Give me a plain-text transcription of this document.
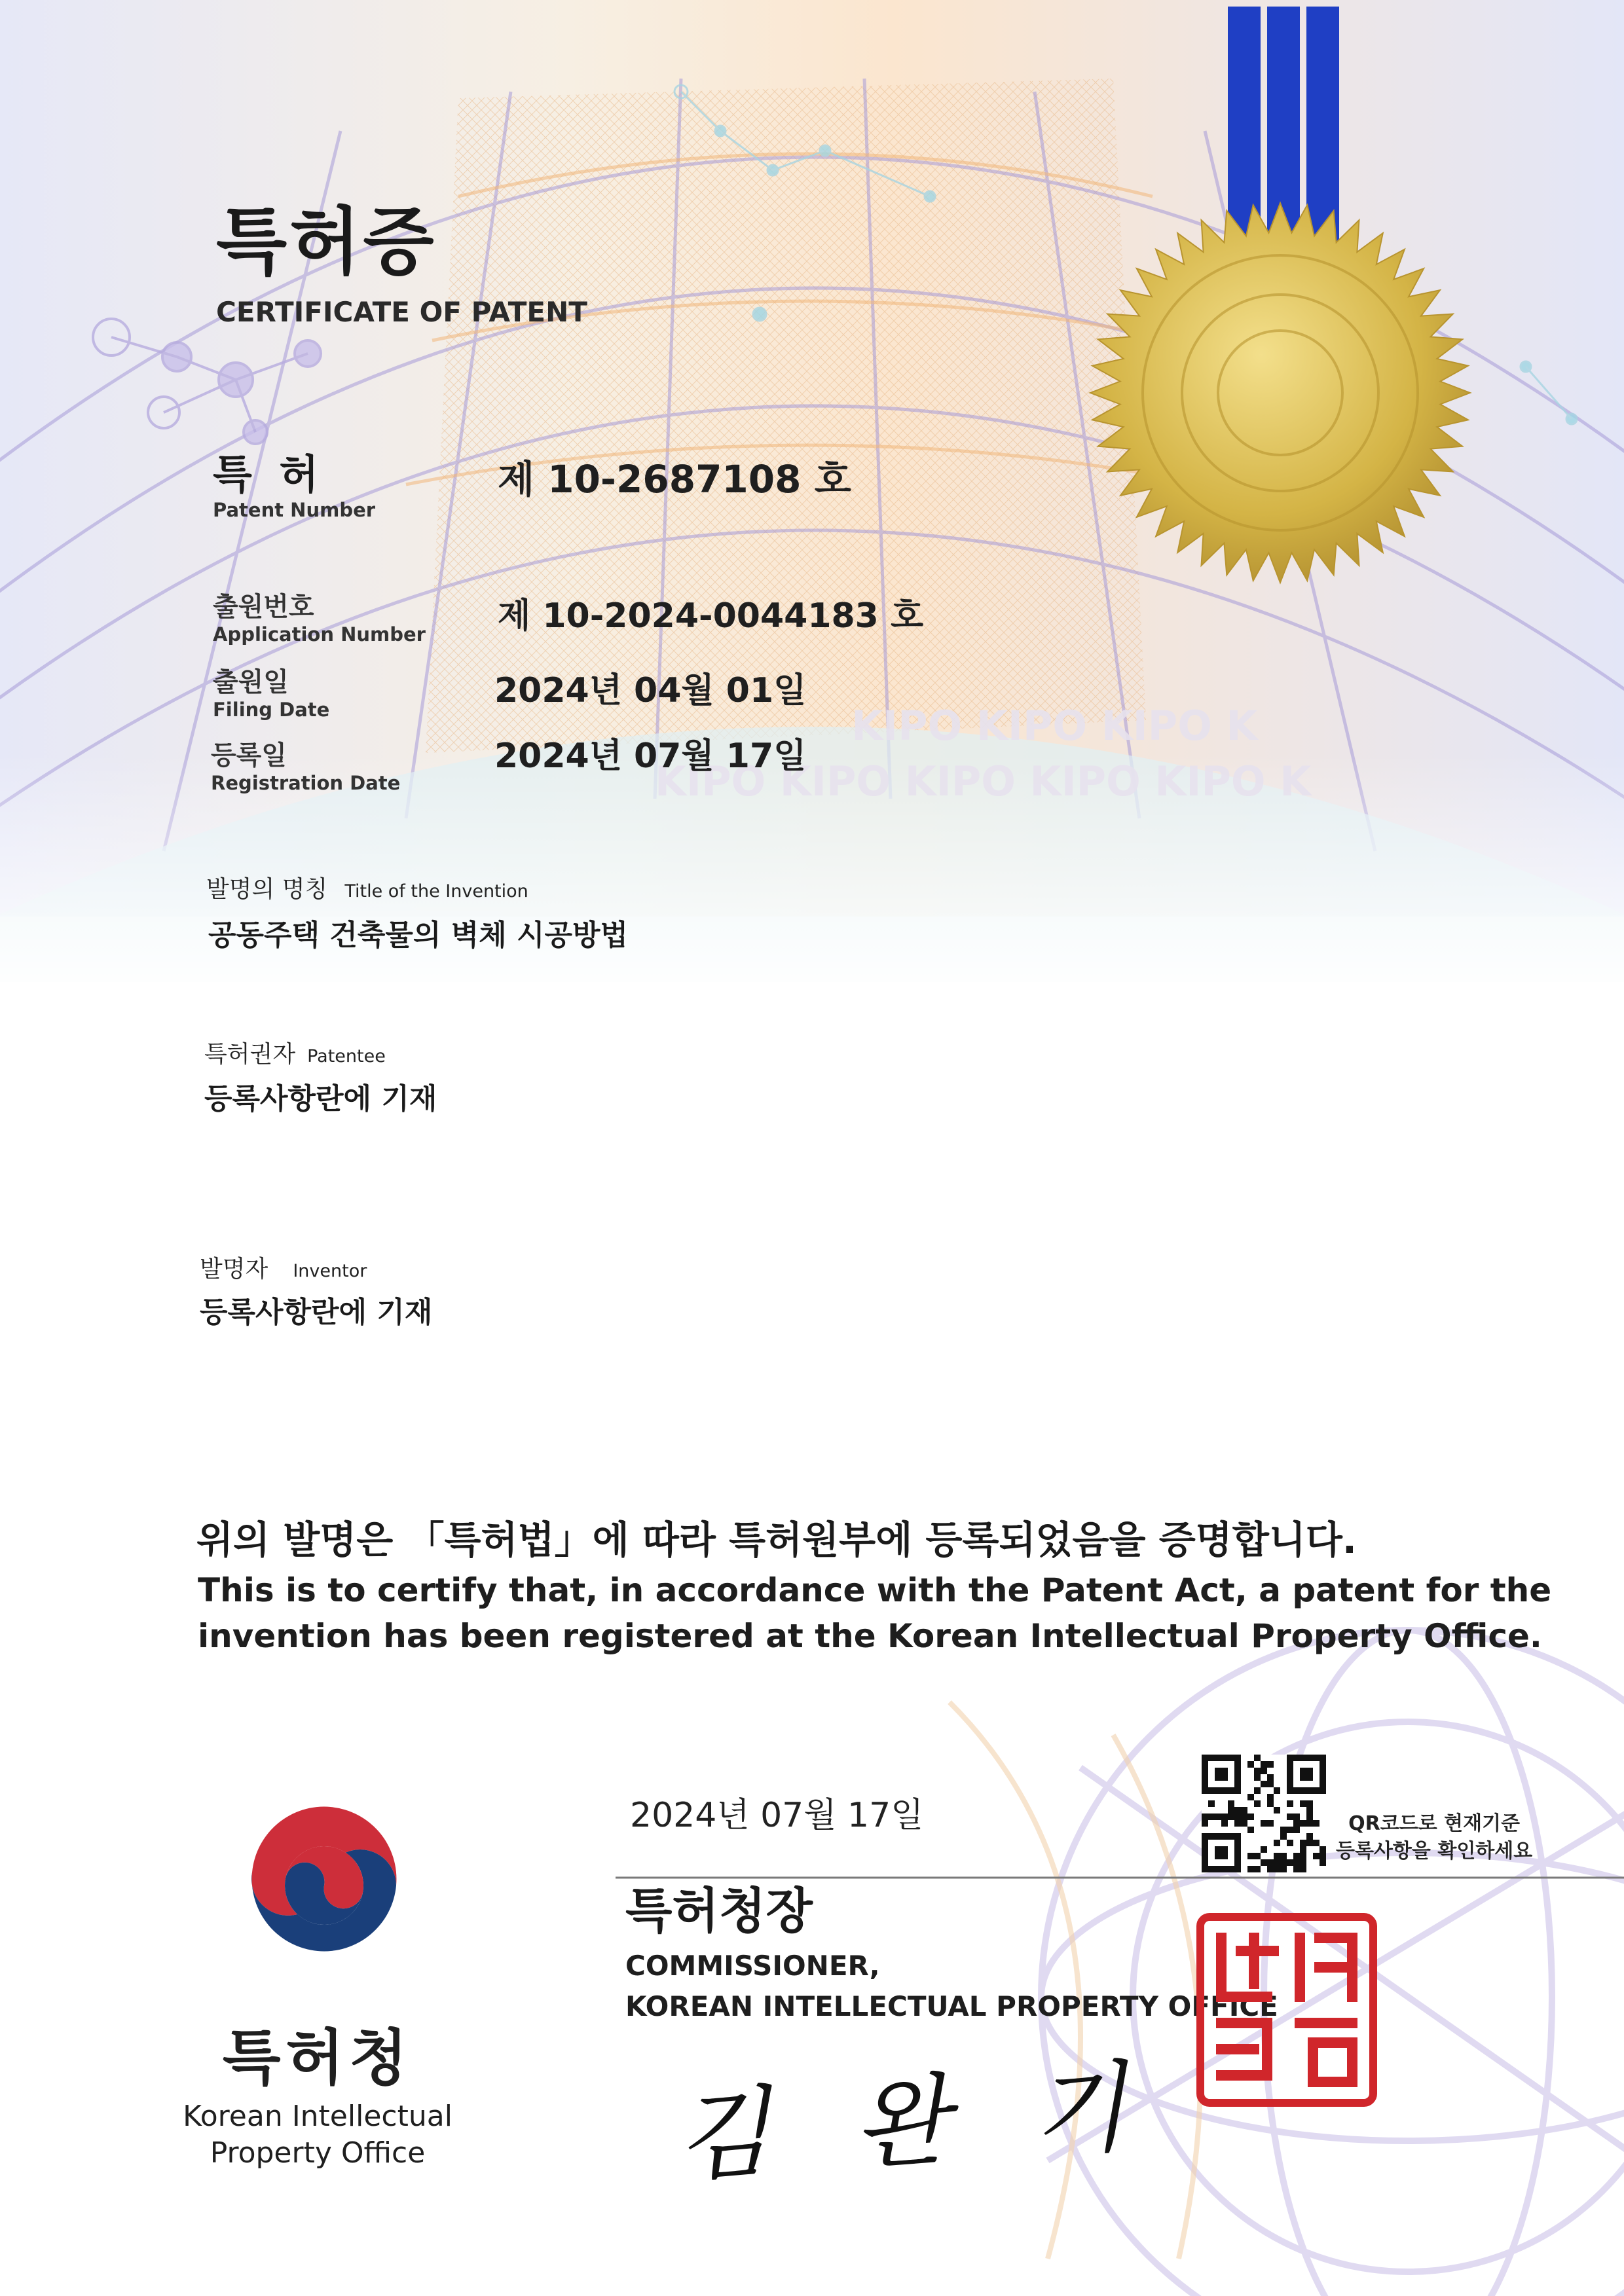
KIPO KIPO KIPO K
KIPO KIPO KIPO KIPO KIPO K
특허증
CERTIFICATE OF PATENT
특 허
Patent Number
제 10-2687108 호
출원번호
Application Number 제 10-2024-0044183 호
출원일
Filing Date	2024년 04월 01일
등록일
Registration Date
2024년 07월 17일
발명의 명칭 Title of the Invention
공동주택 건축물의 벽체 시공방법
특허권자 Patentee
등록사항란에 기재
발명자 Inventor
등록사항란에 기재
위의 발명은 「특허법」에 따라 특허원부에 등록되었음을 증명합니다.
This is to certify that, in accordance with the Patent Act, a patent for the
invention has been registered at the Korean Intellectual Property Office.
2024년 07월 17일	QR코드로 현재기준
등록사항을 확인하세요
특허청장
COMMISSIONER,
KOREAN INTELLECTUAL PROPERTY OFFICE
김 완 기
특허청
Korean Intellectual
Property Office
